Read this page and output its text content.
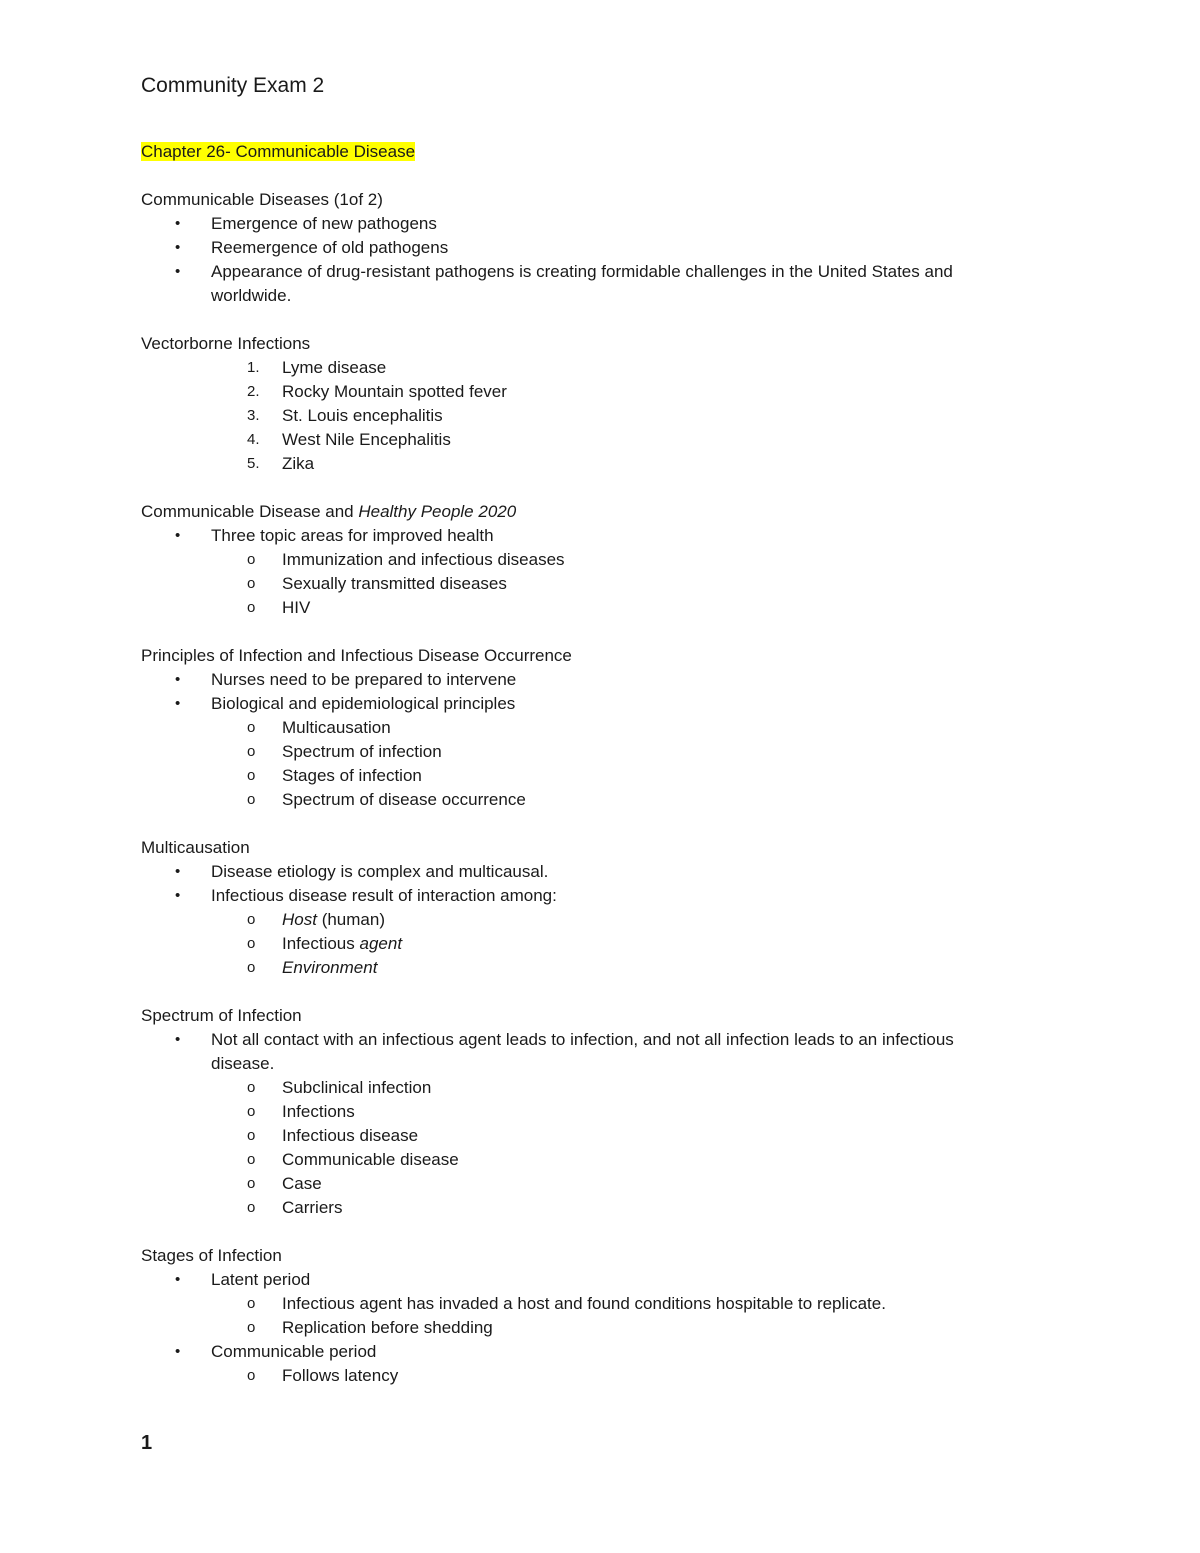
Community Exam 2
Chapter 26- Communicable Disease

Communicable Diseases (1of 2)

• Emergence of new pathogens
• Reemergence of old pathogens
• Appearance of drug-resistant pathogens is creating formidable challenges in the United States and worldwide.

Vectorborne Infections

1. Lyme disease
2. Rocky Mountain spotted fever
3. St. Louis encephalitis
4. West Nile Encephalitis
5. Zika

Communicable Disease and Healthy People 2020

• Three topic areas for improved health
o Immunization and infectious diseases
o Sexually transmitted diseases
o HIV

Principles of Infection and Infectious Disease Occurrence

• Nurses need to be prepared to intervene
• Biological and epidemiological principles
o Multicausation
o Spectrum of infection
o Stages of infection
o Spectrum of disease occurrence

Multicausation

• Disease etiology is complex and multicausal.
• Infectious disease result of interaction among:
o Host (human)
o Infectious agent
o Environment

Spectrum of Infection

• Not all contact with an infectious agent leads to infection, and not all infection leads to an infectious disease.
o Subclinical infection
o Infections
o Infectious disease
o Communicable disease
o Case
o Carriers

Stages of Infection

• Latent period
o Infectious agent has invaded a host and found conditions hospitable to replicate.
o Replication before shedding
• Communicable period
o Follows latency
1
